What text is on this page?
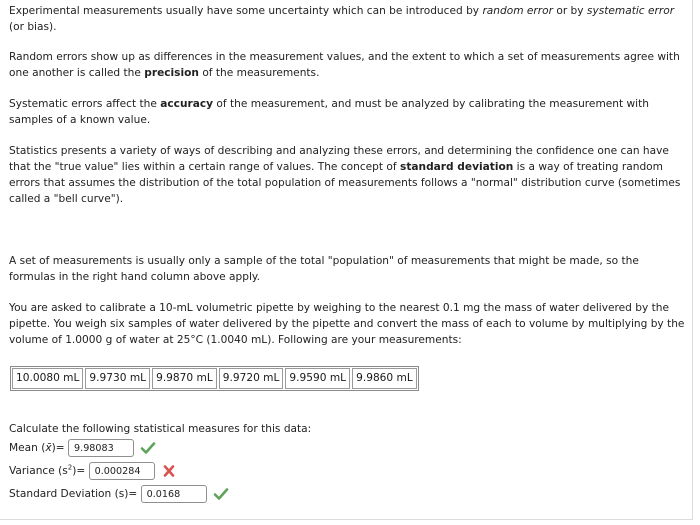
Experimental measurements usually have some uncertainty which can be introduced by random error or by systematic error (or bias).

Random errors show up as differences in the measurement values, and the extent to which a set of measurements agree with one another is called the precision of the measurements.

Systematic errors affect the accuracy of the measurement, and must be analyzed by calibrating the measurement with samples of a known value.

Statistics presents a variety of ways of describing and analyzing these errors, and determining the confidence one can have that the "true value" lies within a certain range of values. The concept of standard deviation is a way of treating random errors that assumes the distribution of the total population of measurements follows a "normal" distribution curve (sometimes called a "bell curve").

A set of measurements is usually only a sample of the total "population" of measurements that might be made, so the formulas in the right hand column above apply.

You are asked to calibrate a 10-mL volumetric pipette by weighing to the nearest 0.1 mg the mass of water delivered by the pipette. You weigh six samples of water delivered by the pipette and convert the mass of each to volume by multiplying by the volume of 1.0000 g of water at 25°C (1.0040 mL). Following are your measurements:

10.0080 mL 9.9730 mL 9.9870 mL 9.9720 mL 9.9590 mL 9.9860 mL

Calculate the following statistical measures for this data:

Mean (x̄)=
9.98083
Variance $(s^2)=$
0.000284
Standard Deviation (s)=
0.0168
